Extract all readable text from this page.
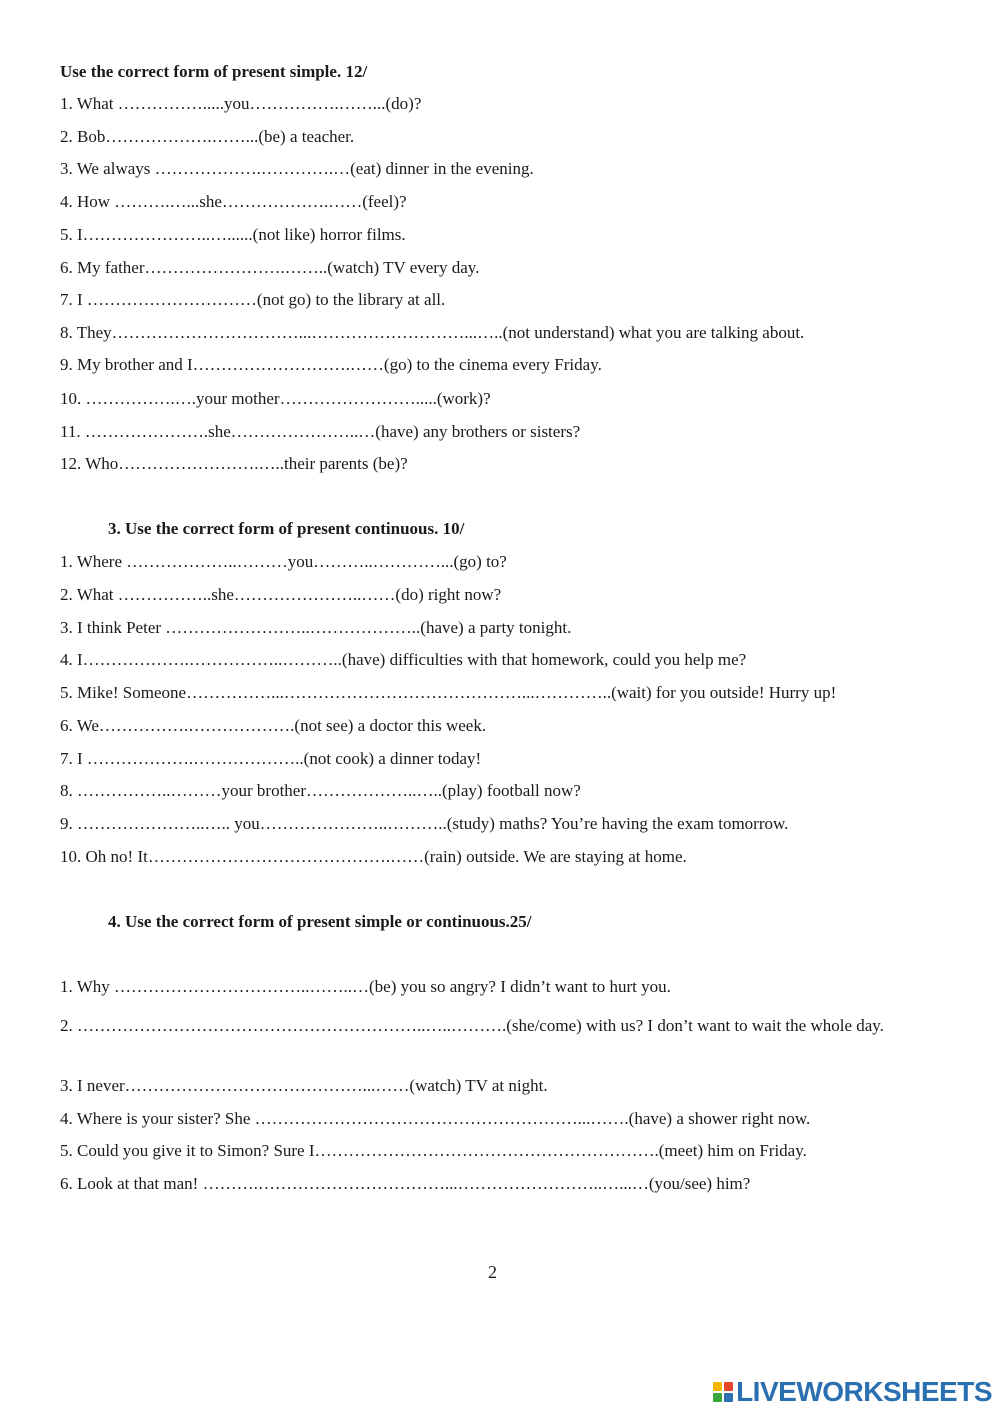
Use the correct form of present simple. 12/
1. What …………….....you…………….……...(do)?
2. Bob……………….……...(be) a teacher.
3. We always ……………….………….…(eat) dinner in the evening.
4. How ……….…...she……………….……(feel)?
5. I…………………..…......(not like) horror films.
6. My father…………………….……..(watch) TV every day.
7. I …………………………(not go) to the library at all.
8. They……………………………...………………………...…..(not understand) what you are talking about.
9. My brother and I……………………….……(go) to the cinema every Friday.
10. …………….….your mother…………………….....(work)?
11. ………………….she…………………..…(have) any brothers or sisters?
12. Who…………………….…..their parents (be)?
3. Use the correct form of present continuous. 10/
1. Where ………………..………you………..…………...(go) to?
2. What ……………..she…………………..……(do) right now?
3. I think Peter ……………………..………………..(have) a party tonight.
4. I……………….……………..………..(have) difficulties with that homework, could you help me?
5. Mike! Someone……………...……………………………………...…………..(wait) for you outside! Hurry up!
6. We…………….……………….(not see) a doctor this week.
7. I ……………….………………..(not cook) a dinner today!
8. ……………..………your brother………………..…..(play) football now?
9. …………………..….. you…………………..………..(study) maths? You’re having the exam tomorrow.
10. Oh no! It…………………………………….……(rain) outside. We are staying at home.
4. Use the correct form of present simple or continuous.25/
1. Why ……………………………..……..…(be) you so angry? I didn’t want to hurt you.
2. ……………………………………………………..…..……….(she/come) with us? I don’t want to wait the whole day.
3. I never……………………………………...……(watch) TV at night.
4. Where is your sister? She …………………………………………………...…….(have) a shower right now.
5. Could you give it to Simon? Sure I…………………………………………………….(meet) him on Friday.
6. Look at that man! ……….……………………………...……………………..…...…(you/see) him?
2
LIVEWORKSHEETS
